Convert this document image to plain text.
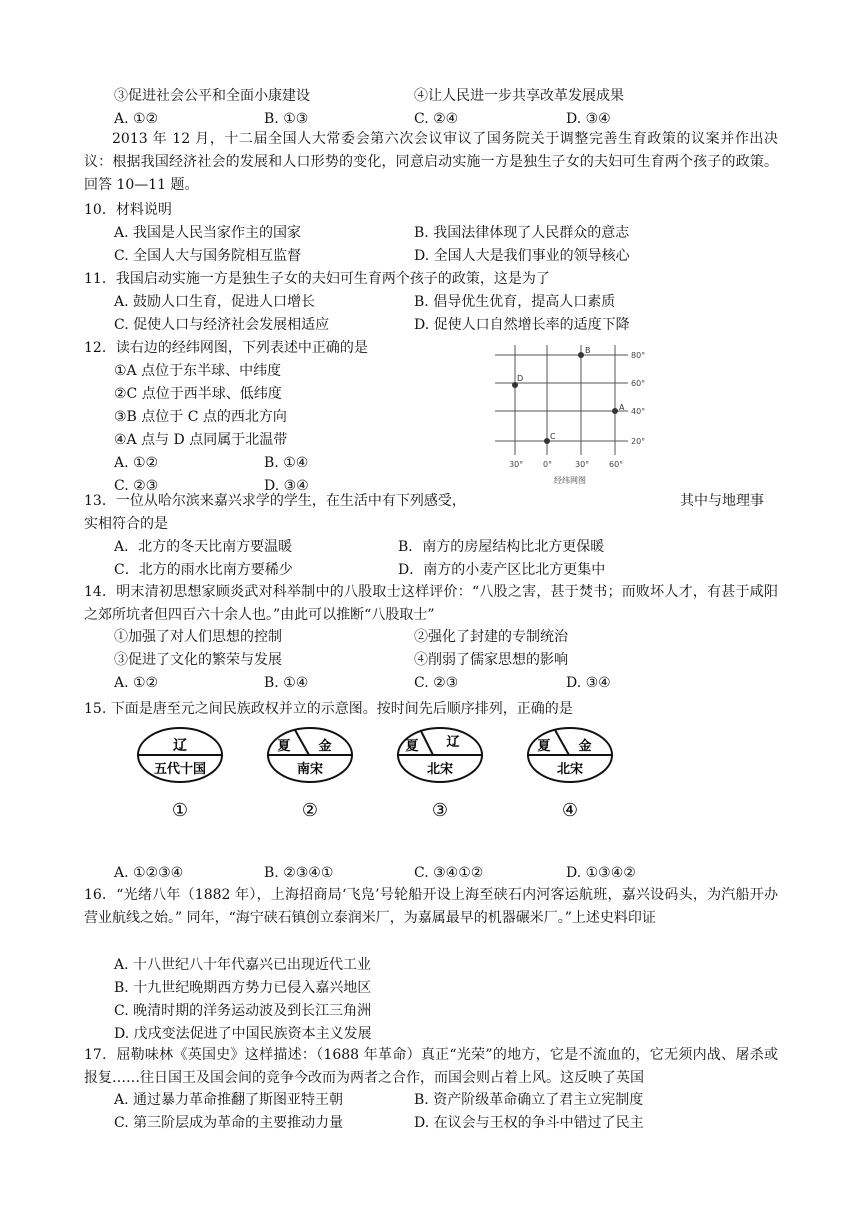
③促进社会公平和全面小康建设	④让人民进一步共享改革发展成果
A. ①②	B. ①③	C. ②④	D. ③④
2013 年 12 月，十二届全国人大常委会第六次会议审议了国务院关于调整完善生育政策的议案并作出决议：根据我国经济社会的发展和人口形势的变化，同意启动实施一方是独生子女的夫妇可生育两个孩子的政策。回答 10—11 题。
10．材料说明
A. 我国是人民当家作主的国家	B. 我国法律体现了人民群众的意志
C. 全国人大与国务院相互监督	D. 全国人大是我们事业的领导核心
11．我国启动实施一方是独生子女的夫妇可生育两个孩子的政策，这是为了
A. 鼓励人口生育，促进人口增长	B. 倡导优生优育，提高人口素质
C. 促使人口与经济社会发展相适应	D. 促使人口自然增长率的适度下降
12．读右边的经纬网图，下列表述中正确的是
①A 点位于东半球、中纬度
②C 点位于西半球、低纬度
③B 点位于 C 点的西北方向
④A 点与 D 点同属于北温带
A. ①②	B. ①④
C. ②③	D. ③④
80°
60°
40°
20°
30° 0°	30° 60°
经纬网图
B
D
A
C
13．一位从哈尔滨来嘉兴求学的学生，在生活中有下列感受，	其中与地理事
实相符合的是
A．北方的冬天比南方要温暖	B．南方的房屋结构比北方更保暖
C．北方的雨水比南方要稀少	D．南方的小麦产区比北方更集中
14．明末清初思想家顾炎武对科举制中的八股取士这样评价：“八股之害，甚于焚书；而败坏人才，有甚于咸阳之郊所坑者但四百六十余人也。”由此可以推断“八股取士”
①加强了对人们思想的控制	②强化了封建的专制统治
③促进了文化的繁荣与发展	④削弱了儒家思想的影响
A. ①②	B. ①④	C. ②③	D. ③④
15. 下面是唐至元之间民族政权并立的示意图。按时间先后顺序排列，正确的是
辽
五代十国
①
夏 金
南宋
②
夏 辽
北宋
③
夏 金
北宋
④
A. ①②③④	B. ②③④①	C. ③④①②	D. ①③④②
16．“光绪八年（1882 年），上海招商局‘飞凫’号轮船开设上海至硖石内河客运航班，嘉兴设码头，为汽船开办营业航线之始。” 同年，“海宁硖石镇创立泰润米厂，为嘉属最早的机器碾米厂。”上述史料印证
A. 十八世纪八十年代嘉兴已出现近代工业
B. 十九世纪晚期西方势力已侵入嘉兴地区
C. 晚清时期的洋务运动波及到长江三角洲
D. 戊戌变法促进了中国民族资本主义发展
17．屈勒味林《英国史》这样描述：（1688 年革命）真正“光荣”的地方，它是不流血的，它无须内战、屠杀或报复……往日国王及国会间的竞争今改而为两者之合作，而国会则占着上风。这反映了英国
A. 通过暴力革命推翻了斯图亚特王朝	B. 资产阶级革命确立了君主立宪制度
C. 第三阶层成为革命的主要推动力量	D. 在议会与王权的争斗中错过了民主
